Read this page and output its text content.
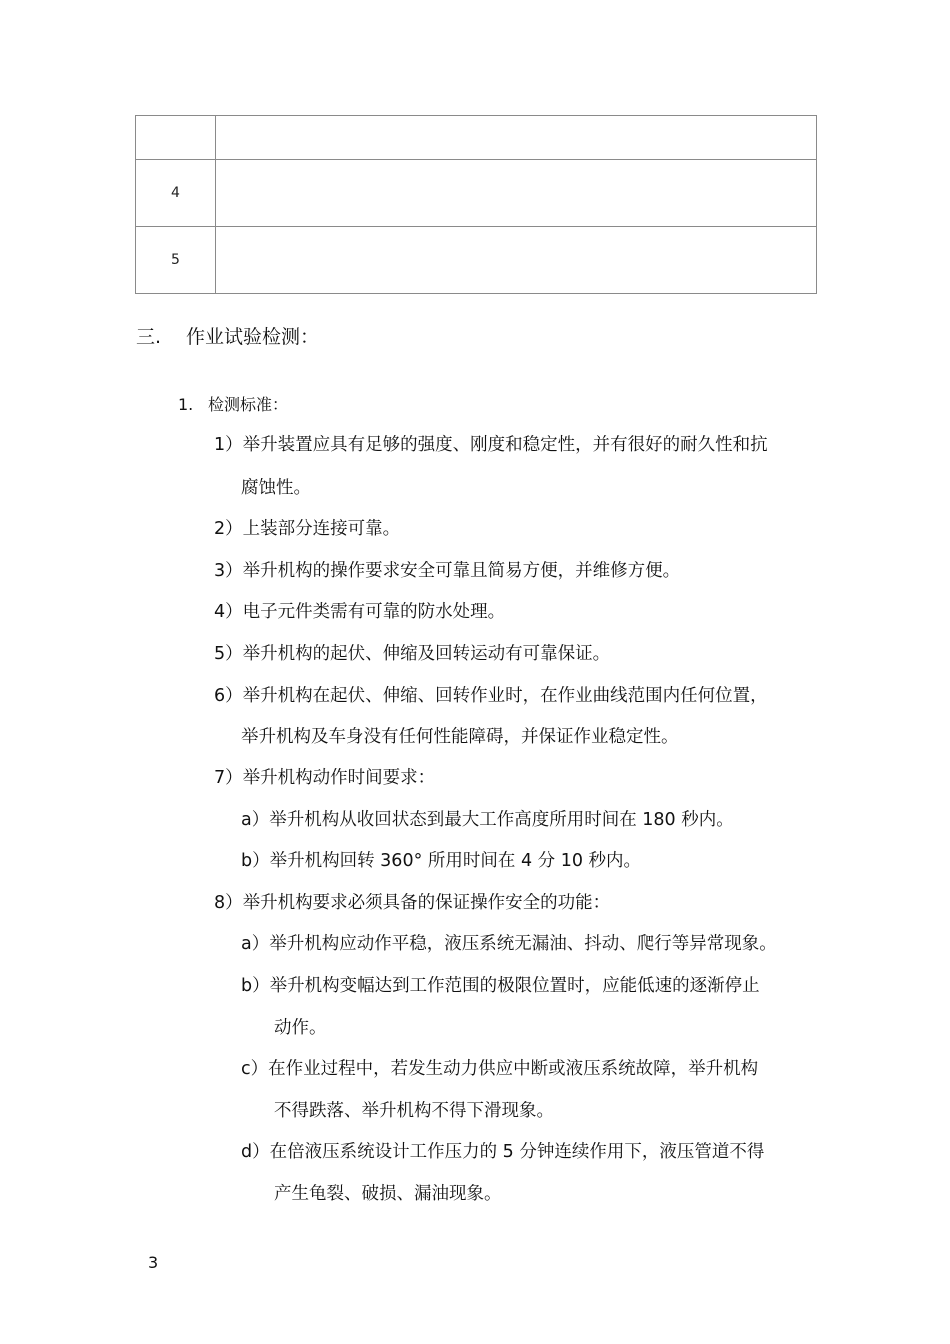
4	
5	
三. 作业试验检测：
1. 检测标准：
1）举升装置应具有足够的强度、刚度和稳定性，并有很好的耐久性和抗
腐蚀性。
2）上装部分连接可靠。
3）举升机构的操作要求安全可靠且简易方便，并维修方便。
4）电子元件类需有可靠的防水处理。
5）举升机构的起伏、伸缩及回转运动有可靠保证。
6）举升机构在起伏、伸缩、回转作业时，在作业曲线范围内任何位置，
举升机构及车身没有任何性能障碍，并保证作业稳定性。
7）举升机构动作时间要求：
a）举升机构从收回状态到最大工作高度所用时间在 180 秒内。
b）举升机构回转 360° 所用时间在 4 分 10 秒内。
8）举升机构要求必须具备的保证操作安全的功能：
a）举升机构应动作平稳，液压系统无漏油、抖动、爬行等异常现象。
b）举升机构变幅达到工作范围的极限位置时，应能低速的逐渐停止
动作。
c）在作业过程中，若发生动力供应中断或液压系统故障，举升机构
不得跌落、举升机构不得下滑现象。
d）在倍液压系统设计工作压力的 5 分钟连续作用下，液压管道不得
产生龟裂、破损、漏油现象。
3
